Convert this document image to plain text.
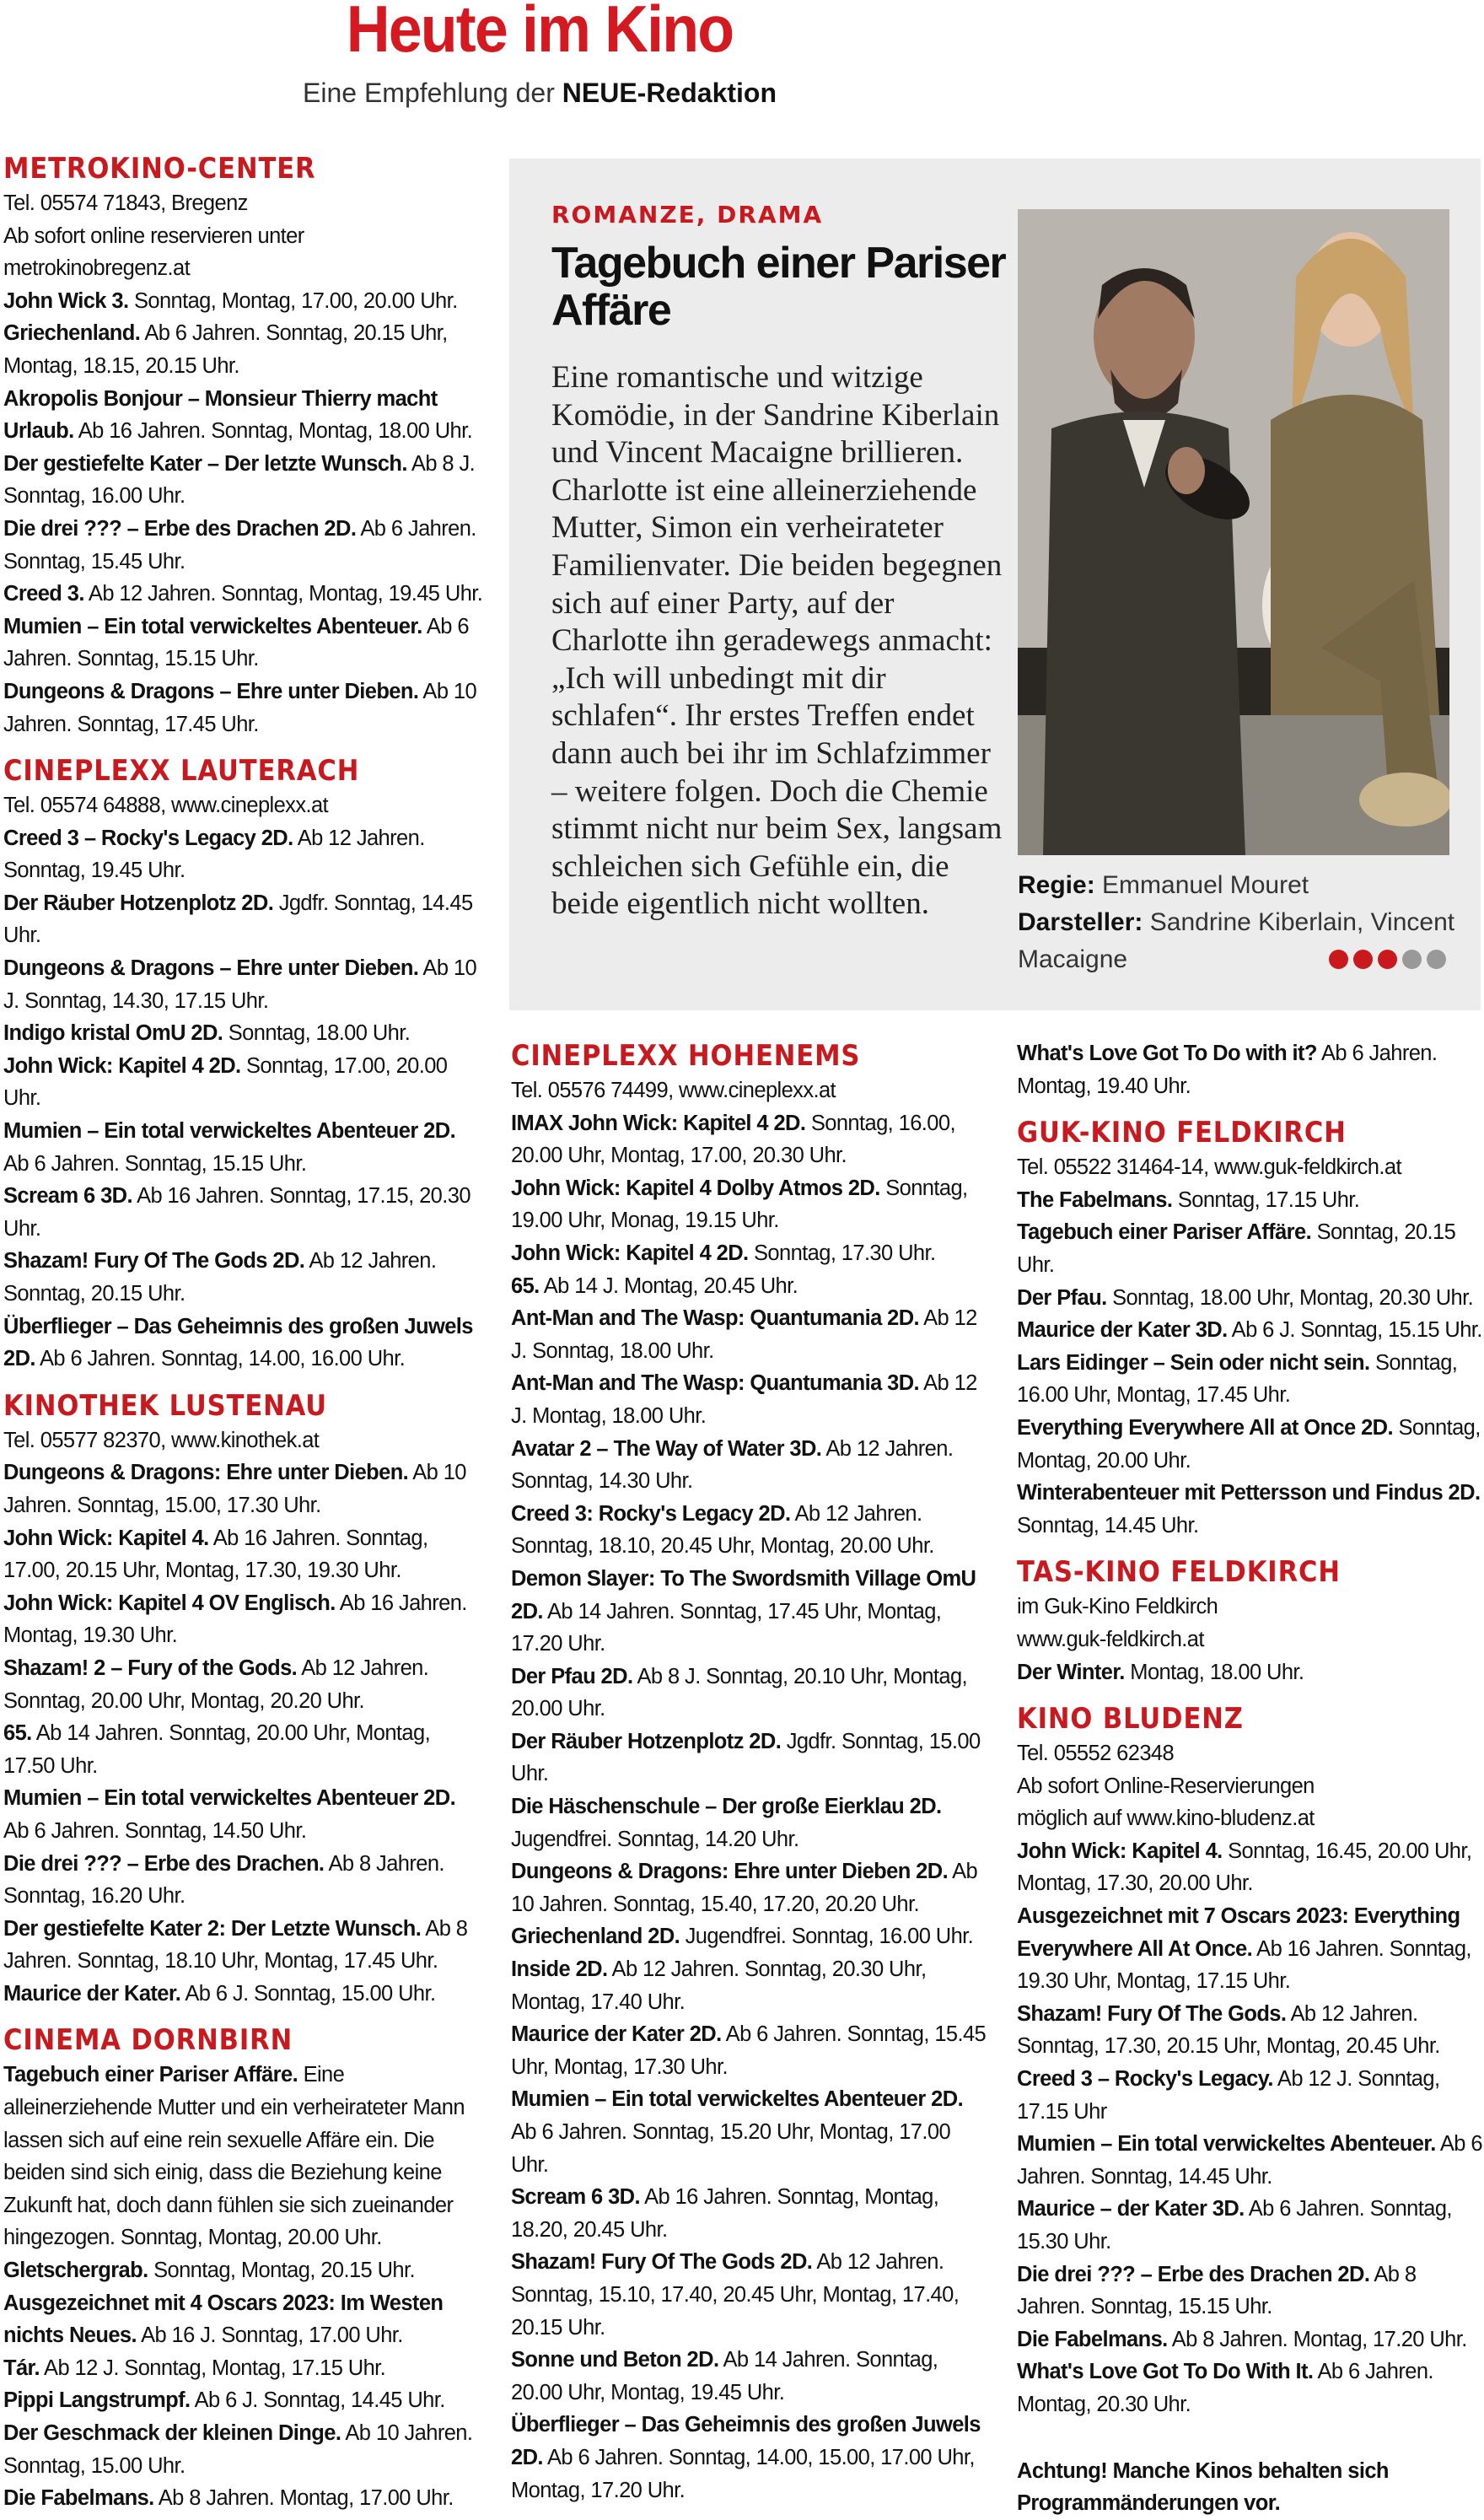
Heute im Kino
Eine Empfehlung der NEUE-Redaktion
METROKINO-CENTER
Tel. 05574 71843, Bregenz
Ab sofort online reservieren unter
metrokinobregenz.at
John Wick 3. Sonntag, Montag, 17.00, 20.00 Uhr.
Griechenland. Ab 6 Jahren. Sonntag, 20.15 Uhr, Montag, 18.15, 20.15 Uhr.
Akropolis Bonjour – Monsieur Thierry macht Urlaub. Ab 16 Jahren. Sonntag, Montag, 18.00 Uhr.
Der gestiefelte Kater – Der letzte Wunsch. Ab 8 J. Sonntag, 16.00 Uhr.
Die drei ??? – Erbe des Drachen 2D. Ab 6 Jahren. Sonntag, 15.45 Uhr.
Creed 3. Ab 12 Jahren. Sonntag, Montag, 19.45 Uhr.
Mumien – Ein total verwickeltes Abenteuer. Ab 6 Jahren. Sonntag, 15.15 Uhr.
Dungeons & Dragons – Ehre unter Dieben. Ab 10 Jahren. Sonntag, 17.45 Uhr.
CINEPLEXX LAUTERACH
Tel. 05574 64888, www.cineplexx.at
Creed 3 – Rocky's Legacy 2D. Ab 12 Jahren. Sonntag, 19.45 Uhr.
Der Räuber Hotzenplotz 2D. Jgdfr. Sonntag, 14.45 Uhr.
Dungeons & Dragons – Ehre unter Dieben. Ab 10 J. Sonntag, 14.30, 17.15 Uhr.
Indigo kristal OmU 2D. Sonntag, 18.00 Uhr.
John Wick: Kapitel 4 2D. Sonntag, 17.00, 20.00 Uhr.
Mumien – Ein total verwickeltes Abenteuer 2D. Ab 6 Jahren. Sonntag, 15.15 Uhr.
Scream 6 3D. Ab 16 Jahren. Sonntag, 17.15, 20.30 Uhr.
Shazam! Fury Of The Gods 2D. Ab 12 Jahren. Sonntag, 20.15 Uhr.
Überflieger – Das Geheimnis des großen Juwels 2D. Ab 6 Jahren. Sonntag, 14.00, 16.00 Uhr.
KINOTHEK LUSTENAU
Tel. 05577 82370, www.kinothek.at
Dungeons & Dragons: Ehre unter Dieben. Ab 10 Jahren. Sonntag, 15.00, 17.30 Uhr.
John Wick: Kapitel 4. Ab 16 Jahren. Sonntag, 17.00, 20.15 Uhr, Montag, 17.30, 19.30 Uhr.
John Wick: Kapitel 4 OV Englisch. Ab 16 Jahren. Montag, 19.30 Uhr.
Shazam! 2 – Fury of the Gods. Ab 12 Jahren. Sonntag, 20.00 Uhr, Montag, 20.20 Uhr.
65. Ab 14 Jahren. Sonntag, 20.00 Uhr, Montag, 17.50 Uhr.
Mumien – Ein total verwickeltes Abenteuer 2D. Ab 6 Jahren. Sonntag, 14.50 Uhr.
Die drei ??? – Erbe des Drachen. Ab 8 Jahren. Sonntag, 16.20 Uhr.
Der gestiefelte Kater 2: Der Letzte Wunsch. Ab 8 Jahren. Sonntag, 18.10 Uhr, Montag, 17.45 Uhr.
Maurice der Kater. Ab 6 J. Sonntag, 15.00 Uhr.
CINEMA DORNBIRN
Tagebuch einer Pariser Affäre. Eine alleinerziehende Mutter und ein verheirateter Mann lassen sich auf eine rein sexuelle Affäre ein. Die beiden sind sich einig, dass die Beziehung keine Zukunft hat, doch dann fühlen sie sich zueinander hingezogen. Sonntag, Montag, 20.00 Uhr.
Gletschergrab. Sonntag, Montag, 20.15 Uhr.
Ausgezeichnet mit 4 Oscars 2023: Im Westen nichts Neues. Ab 16 J. Sonntag, 17.00 Uhr.
Tár. Ab 12 J. Sonntag, Montag, 17.15 Uhr.
Pippi Langstrumpf. Ab 6 J. Sonntag, 14.45 Uhr.
Der Geschmack der kleinen Dinge. Ab 10 Jahren. Sonntag, 15.00 Uhr.
Die Fabelmans. Ab 8 Jahren. Montag, 17.00 Uhr.
ROMANZE, DRAMA
Tagebuch einer Pariser Affäre
Eine romantische und witzige Komödie, in der Sandrine Kiberlain und Vincent Macaigne brillieren. Charlotte ist eine alleinerziehende Mutter, Simon ein verheirateter Familienvater. Die beiden begegnen sich auf einer Party, auf der Charlotte ihn geradewegs anmacht: „Ich will unbedingt mit dir schlafen“. Ihr erstes Treffen endet dann auch bei ihr im Schlafzimmer – weitere folgen. Doch die Chemie stimmt nicht nur beim Sex, langsam schleichen sich Gefühle ein, die beide eigentlich nicht wollten.
Regie: Emmanuel Mouret
Darsteller: Sandrine Kiberlain, Vincent Macaigne
CINEPLEXX HOHENEMS
Tel. 05576 74499, www.cineplexx.at
IMAX John Wick: Kapitel 4 2D. Sonntag, 16.00, 20.00 Uhr, Montag, 17.00, 20.30 Uhr.
John Wick: Kapitel 4 Dolby Atmos 2D. Sonntag, 19.00 Uhr, Monag, 19.15 Uhr.
John Wick: Kapitel 4 2D. Sonntag, 17.30 Uhr.
65. Ab 14 J. Montag, 20.45 Uhr.
Ant-Man and The Wasp: Quantumania 2D. Ab 12 J. Sonntag, 18.00 Uhr.
Ant-Man and The Wasp: Quantumania 3D. Ab 12 J. Montag, 18.00 Uhr.
Avatar 2 – The Way of Water 3D. Ab 12 Jahren. Sonntag, 14.30 Uhr.
Creed 3: Rocky's Legacy 2D. Ab 12 Jahren. Sonntag, 18.10, 20.45 Uhr, Montag, 20.00 Uhr.
Demon Slayer: To The Swordsmith Village OmU 2D. Ab 14 Jahren. Sonntag, 17.45 Uhr, Montag, 17.20 Uhr.
Der Pfau 2D. Ab 8 J. Sonntag, 20.10 Uhr, Montag, 20.00 Uhr.
Der Räuber Hotzenplotz 2D. Jgdfr. Sonntag, 15.00 Uhr.
Die Häschenschule – Der große Eierklau 2D. Jugendfrei. Sonntag, 14.20 Uhr.
Dungeons & Dragons: Ehre unter Dieben 2D. Ab 10 Jahren. Sonntag, 15.40, 17.20, 20.20 Uhr.
Griechenland 2D. Jugendfrei. Sonntag, 16.00 Uhr.
Inside 2D. Ab 12 Jahren. Sonntag, 20.30 Uhr, Montag, 17.40 Uhr.
Maurice der Kater 2D. Ab 6 Jahren. Sonntag, 15.45 Uhr, Montag, 17.30 Uhr.
Mumien – Ein total verwickeltes Abenteuer 2D. Ab 6 Jahren. Sonntag, 15.20 Uhr, Montag, 17.00 Uhr.
Scream 6 3D. Ab 16 Jahren. Sonntag, Montag, 18.20, 20.45 Uhr.
Shazam! Fury Of The Gods 2D. Ab 12 Jahren. Sonntag, 15.10, 17.40, 20.45 Uhr, Montag, 17.40, 20.15 Uhr.
Sonne und Beton 2D. Ab 14 Jahren. Sonntag, 20.00 Uhr, Montag, 19.45 Uhr.
Überflieger – Das Geheimnis des großen Juwels 2D. Ab 6 Jahren. Sonntag, 14.00, 15.00, 17.00 Uhr, Montag, 17.20 Uhr.
What's Love Got To Do with it? Ab 6 Jahren. Montag, 19.40 Uhr.
GUK-KINO FELDKIRCH
Tel. 05522 31464-14, www.guk-feldkirch.at
The Fabelmans. Sonntag, 17.15 Uhr.
Tagebuch einer Pariser Affäre. Sonntag, 20.15 Uhr.
Der Pfau. Sonntag, 18.00 Uhr, Montag, 20.30 Uhr.
Maurice der Kater 3D. Ab 6 J. Sonntag, 15.15 Uhr.
Lars Eidinger – Sein oder nicht sein. Sonntag, 16.00 Uhr, Montag, 17.45 Uhr.
Everything Everywhere All at Once 2D. Sonntag, Montag, 20.00 Uhr.
Winterabenteuer mit Pettersson und Findus 2D. Sonntag, 14.45 Uhr.
TAS-KINO FELDKIRCH
im Guk-Kino Feldkirch
www.guk-feldkirch.at
Der Winter. Montag, 18.00 Uhr.
KINO BLUDENZ
Tel. 05552 62348
Ab sofort Online-Reservierungen
möglich auf www.kino-bludenz.at
John Wick: Kapitel 4. Sonntag, 16.45, 20.00 Uhr, Montag, 17.30, 20.00 Uhr.
Ausgezeichnet mit 7 Oscars 2023: Everything Everywhere All At Once. Ab 16 Jahren. Sonntag, 19.30 Uhr, Montag, 17.15 Uhr.
Shazam! Fury Of The Gods. Ab 12 Jahren. Sonntag, 17.30, 20.15 Uhr, Montag, 20.45 Uhr.
Creed 3 – Rocky's Legacy. Ab 12 J. Sonntag, 17.15 Uhr
Mumien – Ein total verwickeltes Abenteuer. Ab 6 Jahren. Sonntag, 14.45 Uhr.
Maurice – der Kater 3D. Ab 6 Jahren. Sonntag, 15.30 Uhr.
Die drei ??? – Erbe des Drachen 2D. Ab 8 Jahren. Sonntag, 15.15 Uhr.
Die Fabelmans. Ab 8 Jahren. Montag, 17.20 Uhr.
What's Love Got To Do With It. Ab 6 Jahren. Montag, 20.30 Uhr.
Achtung! Manche Kinos behalten sich Programmänderungen vor.
